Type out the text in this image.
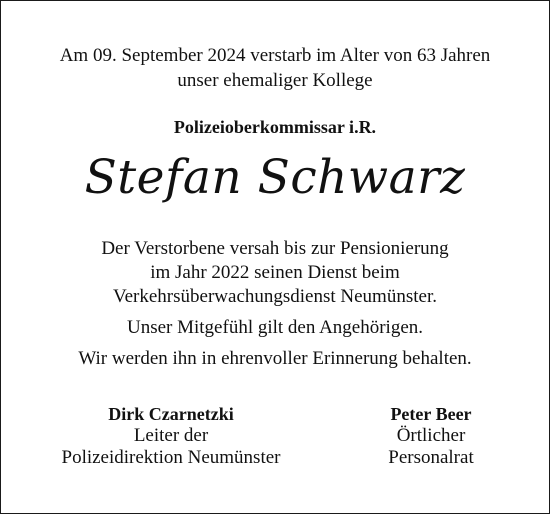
Am 09. September 2024 verstarb im Alter von 63 Jahren
unser ehemaliger Kollege
Polizeioberkommissar i.R.
Stefan Schwarz
Der Verstorbene versah bis zur Pensionierung
im Jahr 2022 seinen Dienst beim
Verkehrsüberwachungsdienst Neumünster.
Unser Mitgefühl gilt den Angehörigen.
Wir werden ihn in ehrenvoller Erinnerung behalten.
Dirk Czarnetzki
Leiter der
Polizeidirektion Neumünster
Peter Beer
Örtlicher
Personalrat
